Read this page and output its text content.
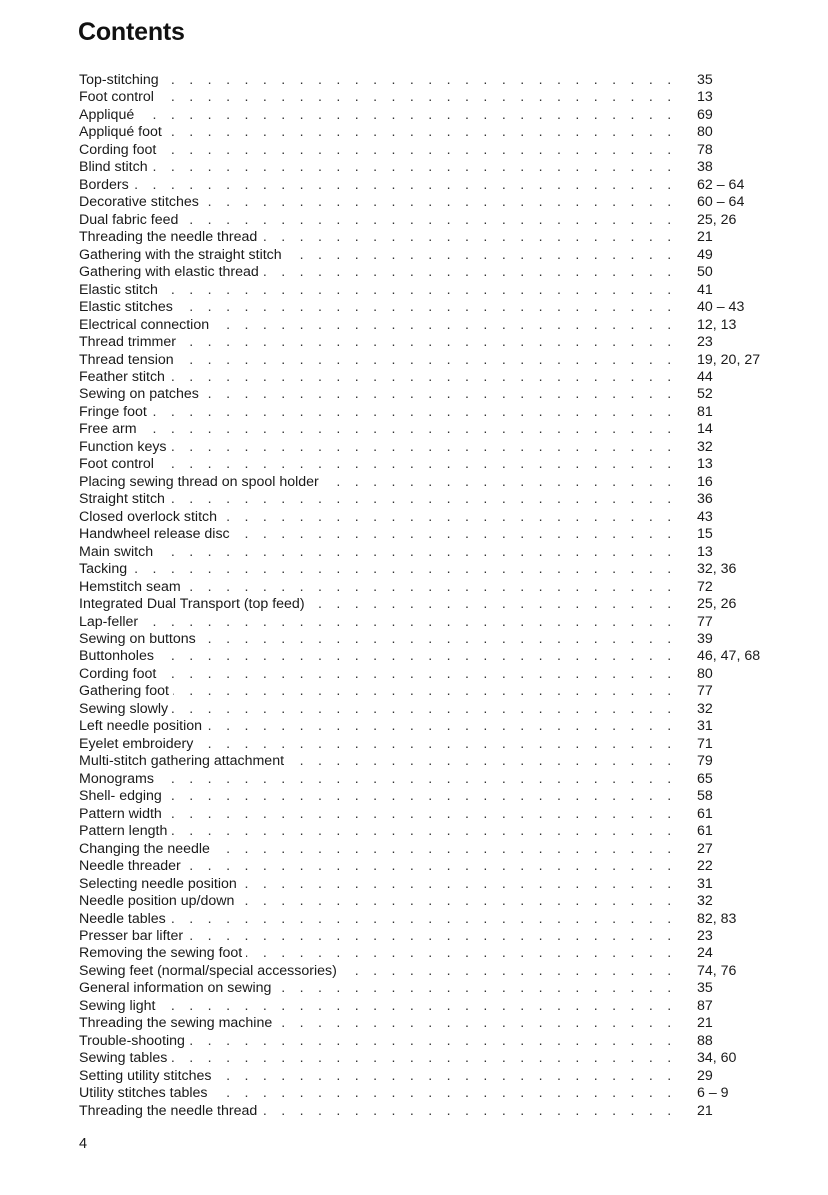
Contents
. . .
Top-stitching	35
. . .
Foot control	13
. . .
Appliqué	69
. . .
Appliqué foot	80
. . .
Cording foot	78
. . .
Blind stitch	38
. . .
Borders	62 – 64
. . .
Decorative stitches	60 – 64
. . .
Dual fabric feed	25, 26
. . .
Threading the needle thread	21
. . .
Gathering with the straight stitch	49
. . .
Gathering with elastic thread	50
. . .
Elastic stitch	41
. . .
Elastic stitches	40 – 43
. . .
Electrical connection	12, 13
. . .
Thread trimmer	23
. . .
Thread tension	19, 20, 27
. . .
Feather stitch	44
. . .
Sewing on patches	52
. . .
Fringe foot	81
. . .
Free arm	14
. . .
Function keys	32
. . .
Foot control	13
. . .
Placing sewing thread on spool holder	16
. . .
Straight stitch	36
. . .
Closed overlock stitch	43
. . .
Handwheel release disc	15
. . .
Main switch	13
. . .
Tacking	32, 36
. . .
Hemstitch seam	72
. . .
Integrated Dual Transport (top feed)	25, 26
. . .
Lap-feller	77
. . .
Sewing on buttons	39
. . .
Buttonholes	46, 47, 68
. . .
Cording foot	80
. . .
Gathering foot	77
. . .
Sewing slowly	32
. . .
Left needle position	31
. . .
Eyelet embroidery	71
. . .
Multi-stitch gathering attachment	79
. . .
Monograms	65
. . .
Shell- edging	58
. . .
Pattern width	61
. . .
Pattern length	61
. . .
Changing the needle	27
. . .
Needle threader	22
. . .
Selecting needle position	31
. . .
Needle position up/down	32
. . .
Needle tables	82, 83
. . .
Presser bar lifter	23
. . .
Removing the sewing foot	24
. . .
Sewing feet (normal/special accessories)	74, 76
. . .
General information on sewing	35
. . .
Sewing light	87
. . .
Threading the sewing machine	21
. . .
Trouble-shooting	88
. . .
Sewing tables	34, 60
. . .
Setting utility stitches	29
. . .
Utility stitches tables	6 – 9
. . .
Threading the needle thread	21
4
